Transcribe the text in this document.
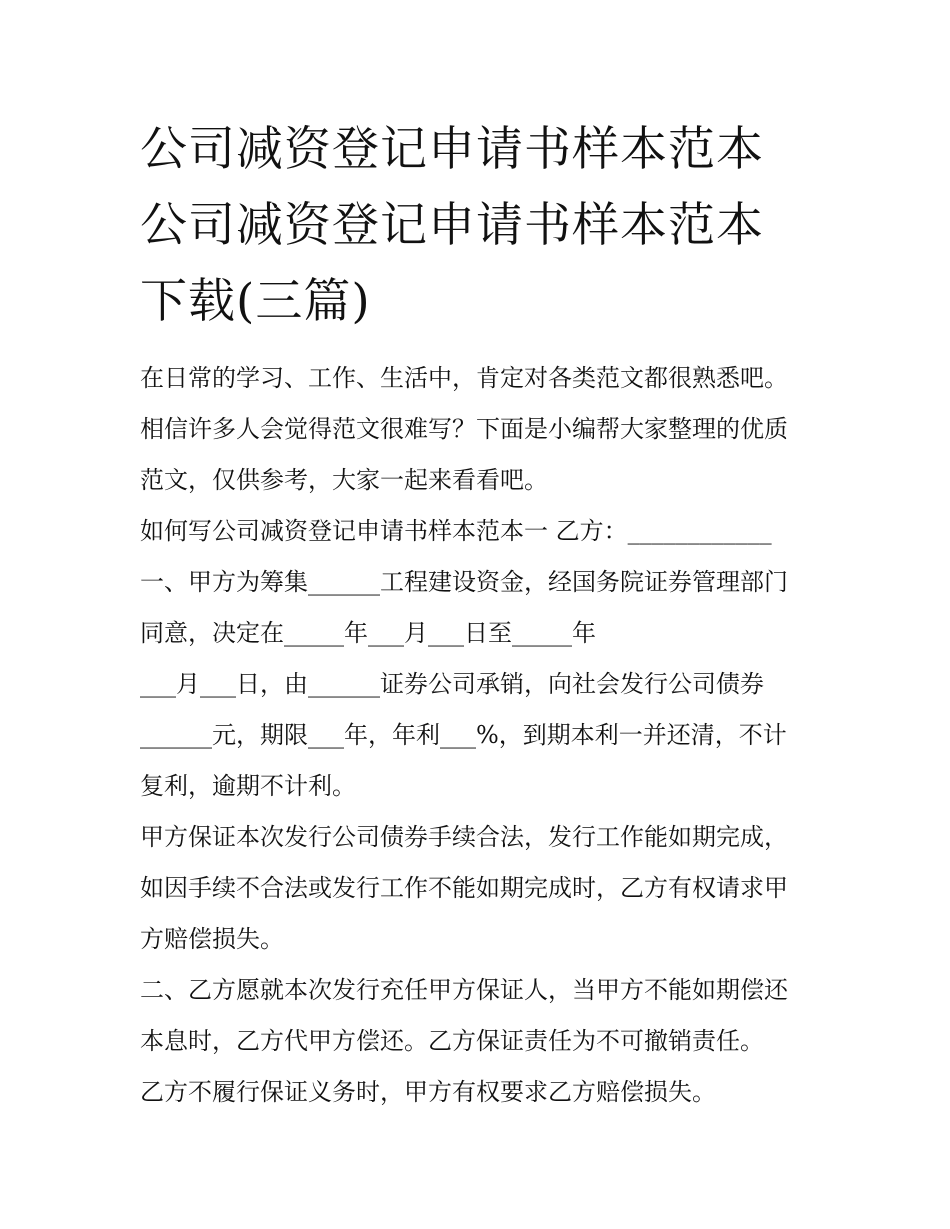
公司减资登记申请书样本范本
公司减资登记申请书样本范本
下载(三篇)
在日常的学习、工作、生活中，肯定对各类范文都很熟悉吧。
相信许多人会觉得范文很难写？下面是小编帮大家整理的优质
范文，仅供参考，大家一起来看看吧。
如何写公司减资登记申请书样本范本一 乙方：____________
一、甲方为筹集______工程建设资金，经国务院证券管理部门
同意，决定在_____年___月___日至_____年
___月___日，由______证券公司承销，向社会发行公司债券
______元，期限___年，年利___%，到期本利一并还清，不计
复利，逾期不计利。
甲方保证本次发行公司债券手续合法，发行工作能如期完成，
如因手续不合法或发行工作不能如期完成时，乙方有权请求甲
方赔偿损失。
二、乙方愿就本次发行充任甲方保证人，当甲方不能如期偿还
本息时，乙方代甲方偿还。乙方保证责任为不可撤销责任。
乙方不履行保证义务时，甲方有权要求乙方赔偿损失。
